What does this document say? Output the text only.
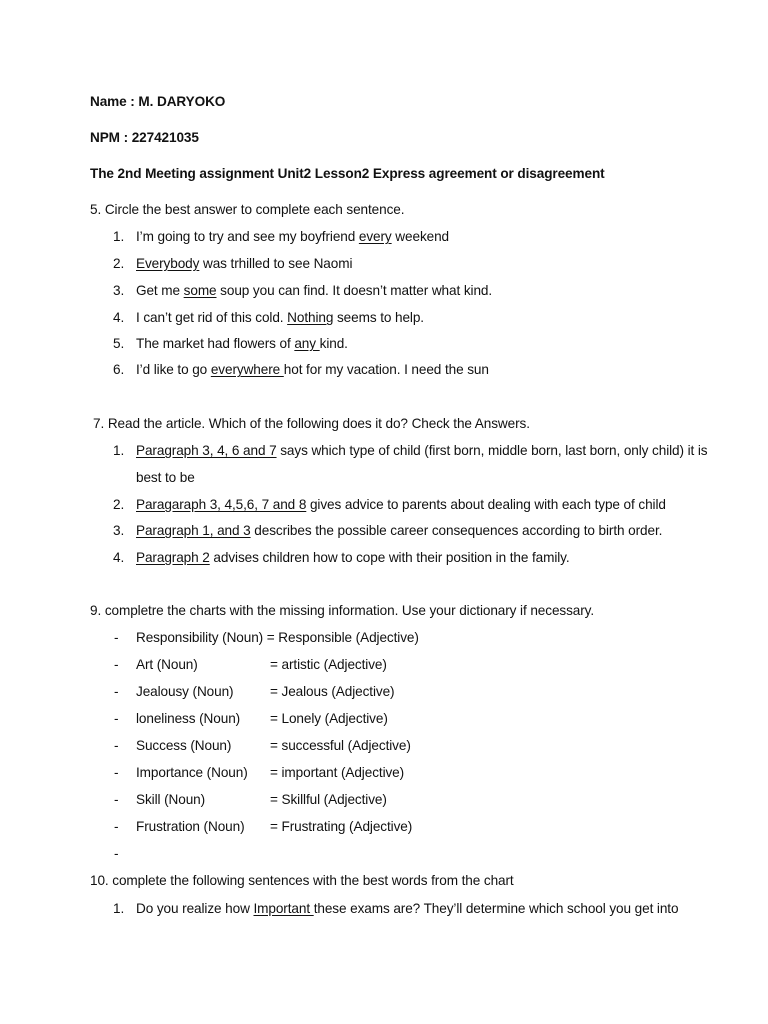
Name : M. DARYOKO
NPM : 227421035
The 2nd Meeting assignment Unit2 Lesson2 Express agreement or disagreement
5. Circle the best answer to complete each sentence.
1. I’m going to try and see my boyfriend every weekend
2. Everybody was trhilled to see Naomi
3. Get me some soup you can find. It doesn’t matter what kind.
4. I can’t get rid of this cold. Nothing seems to help.
5. The market had flowers of any kind.
6. I’d like to go everywhere hot for my vacation. I need the sun
7. Read the article. Which of the following does it do? Check the Answers.
1. Paragraph 3, 4, 6 and 7 says which type of child (first born, middle born, last born, only child) it is
best to be
2. Paragaraph 3, 4,5,6, 7 and 8 gives advice to parents about dealing with each type of child
3. Paragraph 1, and 3 describes the possible career consequences according to birth order.
4. Paragraph 2 advises children how to cope with their position in the family.
9. completre the charts with the missing information. Use your dictionary if necessary.
- Responsibility (Noun) = Responsible (Adjective)
- Art (Noun)	= artistic (Adjective)
- Jealousy (Noun)	= Jealous (Adjective)
- loneliness (Noun) = Lonely (Adjective)
- Success (Noun)	= successful (Adjective)
- Importance (Noun) = important (Adjective)
- Skill (Noun)	= Skillful (Adjective)
- Frustration (Noun) = Frustrating (Adjective)
-
10. complete the following sentences with the best words from the chart
1. Do you realize how Important these exams are? They’ll determine which school you get into
